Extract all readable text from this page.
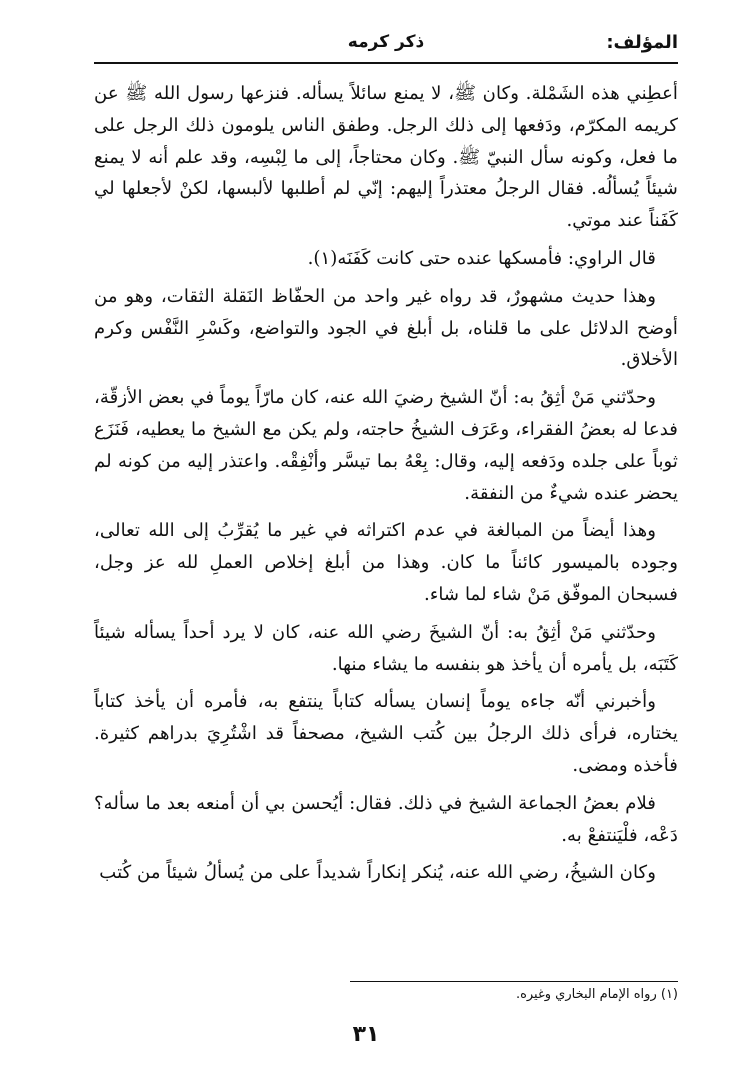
المؤلف:
ذكر كرمه

أعطِني هذه الشَمْلة. وكان ﷺ، لا يمنع سائلاً يسأله. فنزعها رسول الله ﷺ عن كريمه المكرّم، ودَفعها إلى ذلك الرجل. وطفق الناس يلومون ذلك الرجل على ما فعل، وكونه سأل النبيّ ﷺ. وكان محتاجاً، إلى ما لِبْسِه، وقد علم أنه لا يمنع شيئاً يُسألُه. فقال الرجلُ معتذراً إليهم: إنّي لم أطلبها لألبسها، لكنْ لأجعلها لي كَفَناً عند موتي.

قال الراوي: فأمسكها عنده حتى كانت كَفَنَه(١).

وهذا حديث مشهورٌ، قد رواه غير واحد من الحفّاظ النَقلة الثقات، وهو من أوضح الدلائل على ما قلناه، بل أبلغ في الجود والتواضع، وكَسْرِ النَّفْس وكرم الأخلاق.

وحدّثني مَنْ أثِقُ به: أنّ الشيخ رضيَ الله عنه، كان مارّاً يوماً في بعض الأزقّة، فدعا له بعضُ الفقراء، وعَرَف الشيخُ حاجته، ولم يكن مع الشيخ ما يعطيه، فَنَزَع ثوباً على جلده ودَفعه إليه، وقال: بِعْهُ بما تيسَّر وأنْفِقْه. واعتذر إليه من كونه لم يحضر عنده شيءٌ من النفقة.

وهذا أيضاً من المبالغة في عدم اكتراثه في غير ما يُقرِّبُ إلى الله تعالى، وجوده بالميسور كائناً ما كان. وهذا من أبلغ إخلاص العملِ لله عز وجل، فسبحان الموفّق مَنْ شاء لما شاء.

وحدّثني مَنْ أثِقُ به: أنّ الشيخَ رضي الله عنه، كان لا يرد أحداً يسأله شيئاً كَتَبَه، بل يأمره أن يأخذ هو بنفسه ما يشاء منها.

وأخبرني أنّه جاءه يوماً إنسان يسأله كتاباً ينتفع به، فأمره أن يأخذ كتاباً يختاره، فرأى ذلك الرجلُ بين كُتب الشيخ، مصحفاً قد اشْتُرِيَ بدراهم كثيرة. فأخذه ومضى.

فلام بعضُ الجماعة الشيخ في ذلك. فقال: أيُحسن بي أن أمنعه بعد ما سأله؟ دَعْه، فلْيَنتفعْ به.

وكان الشيخُ، رضي الله عنه، يُنكر إنكاراً شديداً على من يُسألُ شيئاً من كُتب

(١) رواه الإمام البخاري وغيره.
٣١
